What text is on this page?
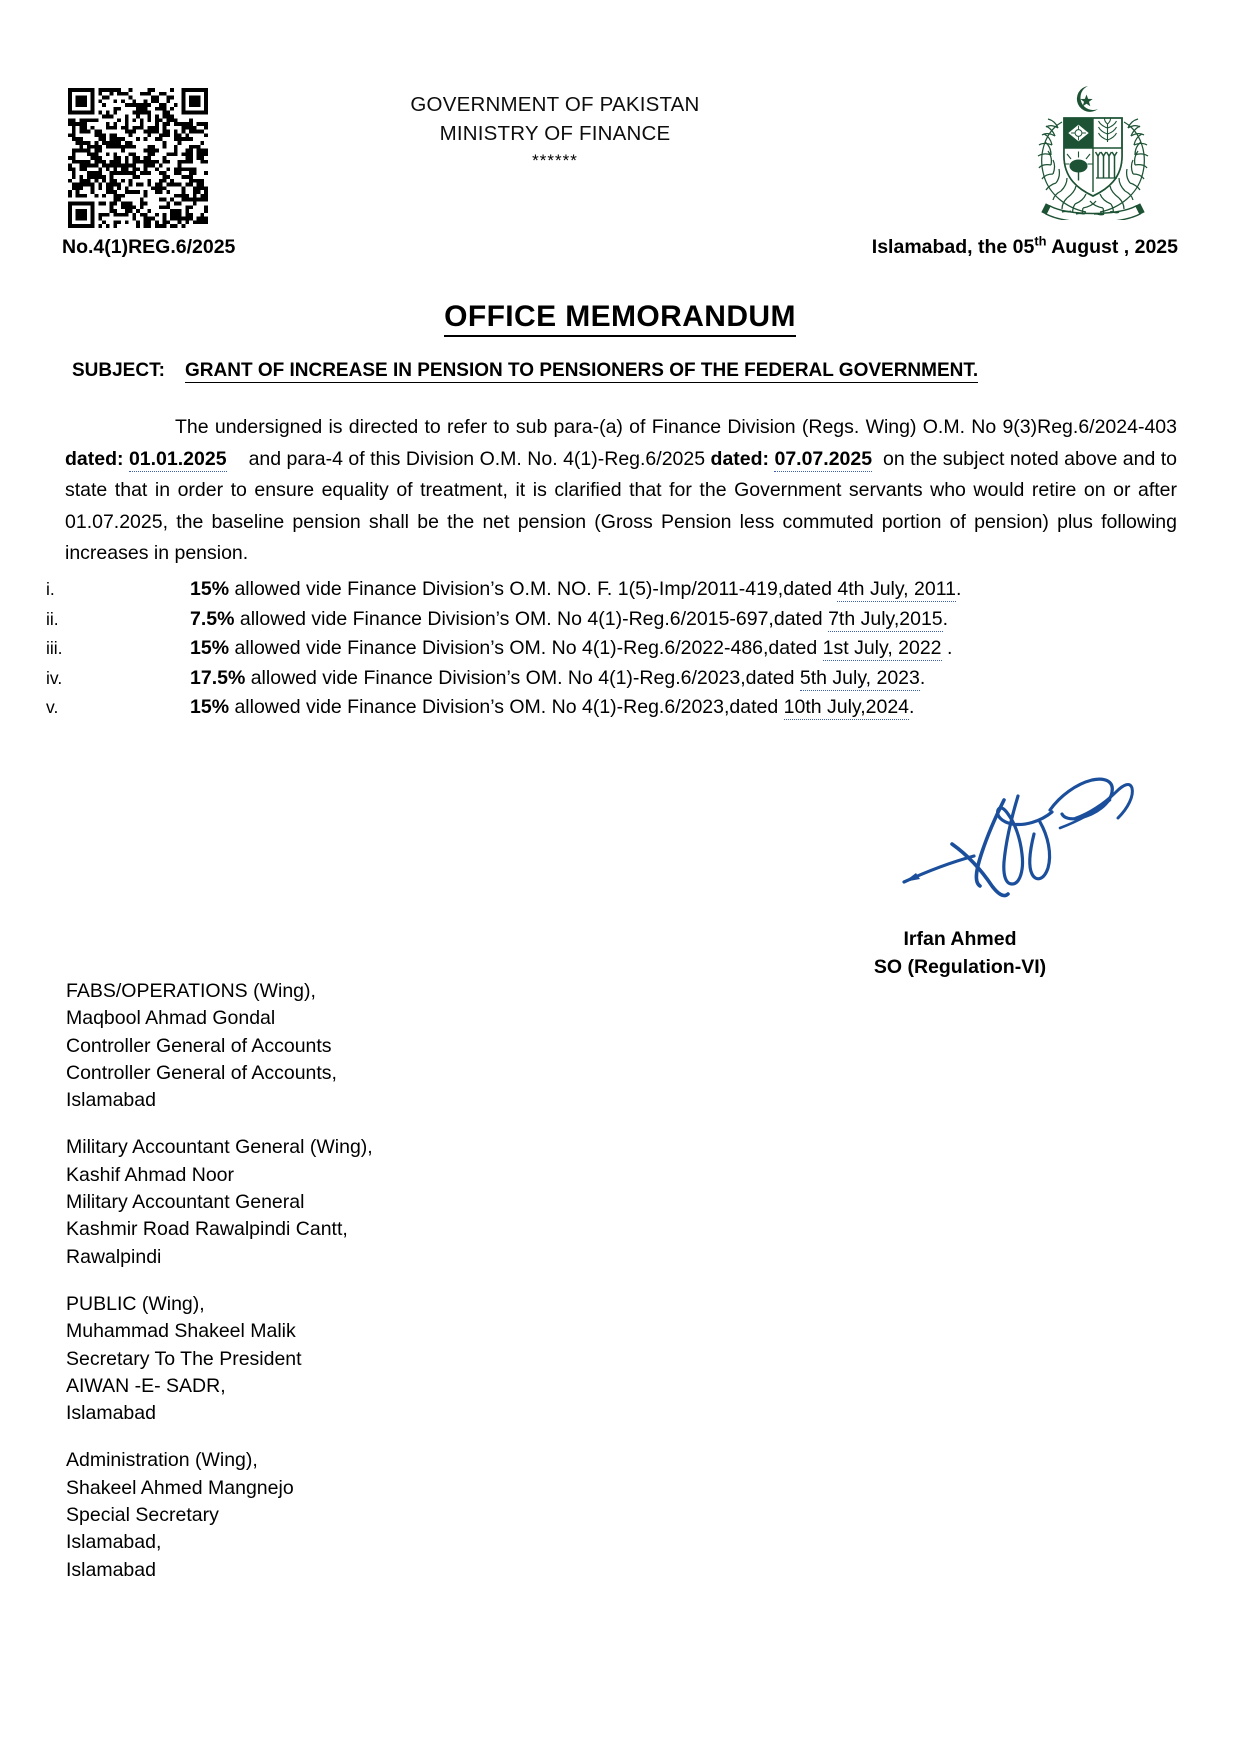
GOVERNMENT OF PAKISTAN
MINISTRY OF FINANCE
******
No.4(1)REG.6/2025	Islamabad, the 05th August , 2025
OFFICE MEMORANDUM
SUBJECT: GRANT OF INCREASE IN PENSION TO PENSIONERS OF THE FEDERAL GOVERNMENT.
The undersigned is directed to refer to sub para-(a) of Finance Division (Regs. Wing) O.M. No 9(3)Reg.6/2024-403 dated: 01.01.2025 and para-4 of this Division O.M. No. 4(1)-Reg.6/2025 dated: 07.07.2025 on the subject noted above and to state that in order to ensure equality of treatment, it is clarified that for the Government servants who would retire on or after 01.07.2025, the baseline pension shall be the net pension (Gross Pension less commuted portion of pension) plus following increases in pension.
i.	15% allowed vide Finance Division’s O.M. NO. F. 1(5)-Imp/2011-419,dated 4th July, 2011.
ii.	7.5% allowed vide Finance Division’s OM. No 4(1)-Reg.6/2015-697,dated 7th July,2015.
iii.	15% allowed vide Finance Division’s OM. No 4(1)-Reg.6/2022-486,dated 1st July, 2022 .
iv.	17.5% allowed vide Finance Division’s OM. No 4(1)-Reg.6/2023,dated 5th July, 2023.
v.	15% allowed vide Finance Division’s OM. No 4(1)-Reg.6/2023,dated 10th July,2024.
Irfan Ahmed
SO (Regulation-VI)
FABS/OPERATIONS (Wing),
Maqbool Ahmad Gondal
Controller General of Accounts
Controller General of Accounts,
Islamabad
Military Accountant General (Wing),
Kashif Ahmad Noor
Military Accountant General
Kashmir Road Rawalpindi Cantt,
Rawalpindi
PUBLIC (Wing),
Muhammad Shakeel Malik
Secretary To The President
AIWAN -E- SADR,
Islamabad
Administration (Wing),
Shakeel Ahmed Mangnejo
Special Secretary
Islamabad,
Islamabad
